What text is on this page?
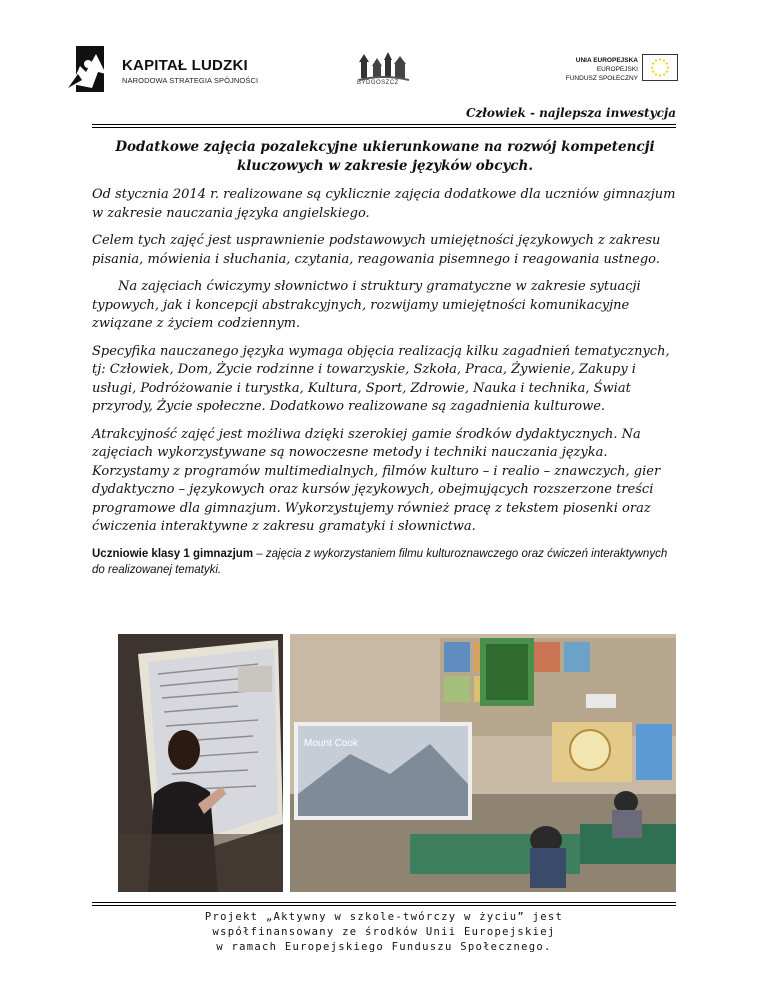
KAPITAŁ LUDZKI
NARODOWA STRATEGIA SPÓJNOŚCI	BYDGOSZCZ
UNIA EUROPEJSKA
EUROPEJSKI
FUNDUSZ SPOŁECZNY
Człowiek - najlepsza inwestycja

Dodatkowe zajęcia pozalekcyjne ukierunkowane na rozwój kompetencji kluczowych w zakresie języków obcych.

Od stycznia 2014 r. realizowane są cyklicznie zajęcia dodatkowe dla uczniów gimnazjum w zakresie nauczania języka angielskiego.

Celem tych zajęć jest usprawnienie podstawowych umiejętności językowych z zakresu pisania, mówienia i słuchania, czytania, reagowania pisemnego i reagowania ustnego.

Na zajęciach ćwiczymy słownictwo i struktury gramatyczne w zakresie sytuacji typowych, jak i koncepcji abstrakcyjnych, rozwijamy umiejętności komunikacyjne związane z życiem codziennym.

Specyfika nauczanego języka wymaga objęcia realizacją kilku zagadnień tematycznych, tj: Człowiek, Dom, Życie rodzinne i towarzyskie, Szkoła, Praca, Żywienie, Zakupy i usługi, Podróżowanie i turystka, Kultura, Sport, Zdrowie, Nauka i technika, Świat przyrody, Życie społeczne. Dodatkowo realizowane są zagadnienia kulturowe.

Atrakcyjność zajęć jest możliwa dzięki szerokiej gamie środków dydaktycznych. Na zajęciach wykorzystywane są nowoczesne metody i techniki nauczania języka. Korzystamy z programów multimedialnych, filmów kulturo – i realio – znawczych, gier dydaktyczno – językowych oraz kursów językowych, obejmujących rozszerzone treści programowe dla gimnazjum. Wykorzystujemy również pracę z tekstem piosenki oraz ćwiczenia interaktywne z zakresu gramatyki i słownictwa.

Uczniowie klasy 1 gimnazjum – zajęcia z wykorzystaniem filmu kulturoznawczego oraz ćwiczeń interaktywnych do realizowanej tematyki.

Mount Cook
Projekt „Aktywny w szkole-twórczy w życiu” jest
współfinansowany ze środków Unii Europejskiej
w ramach Europejskiego Funduszu Społecznego.
